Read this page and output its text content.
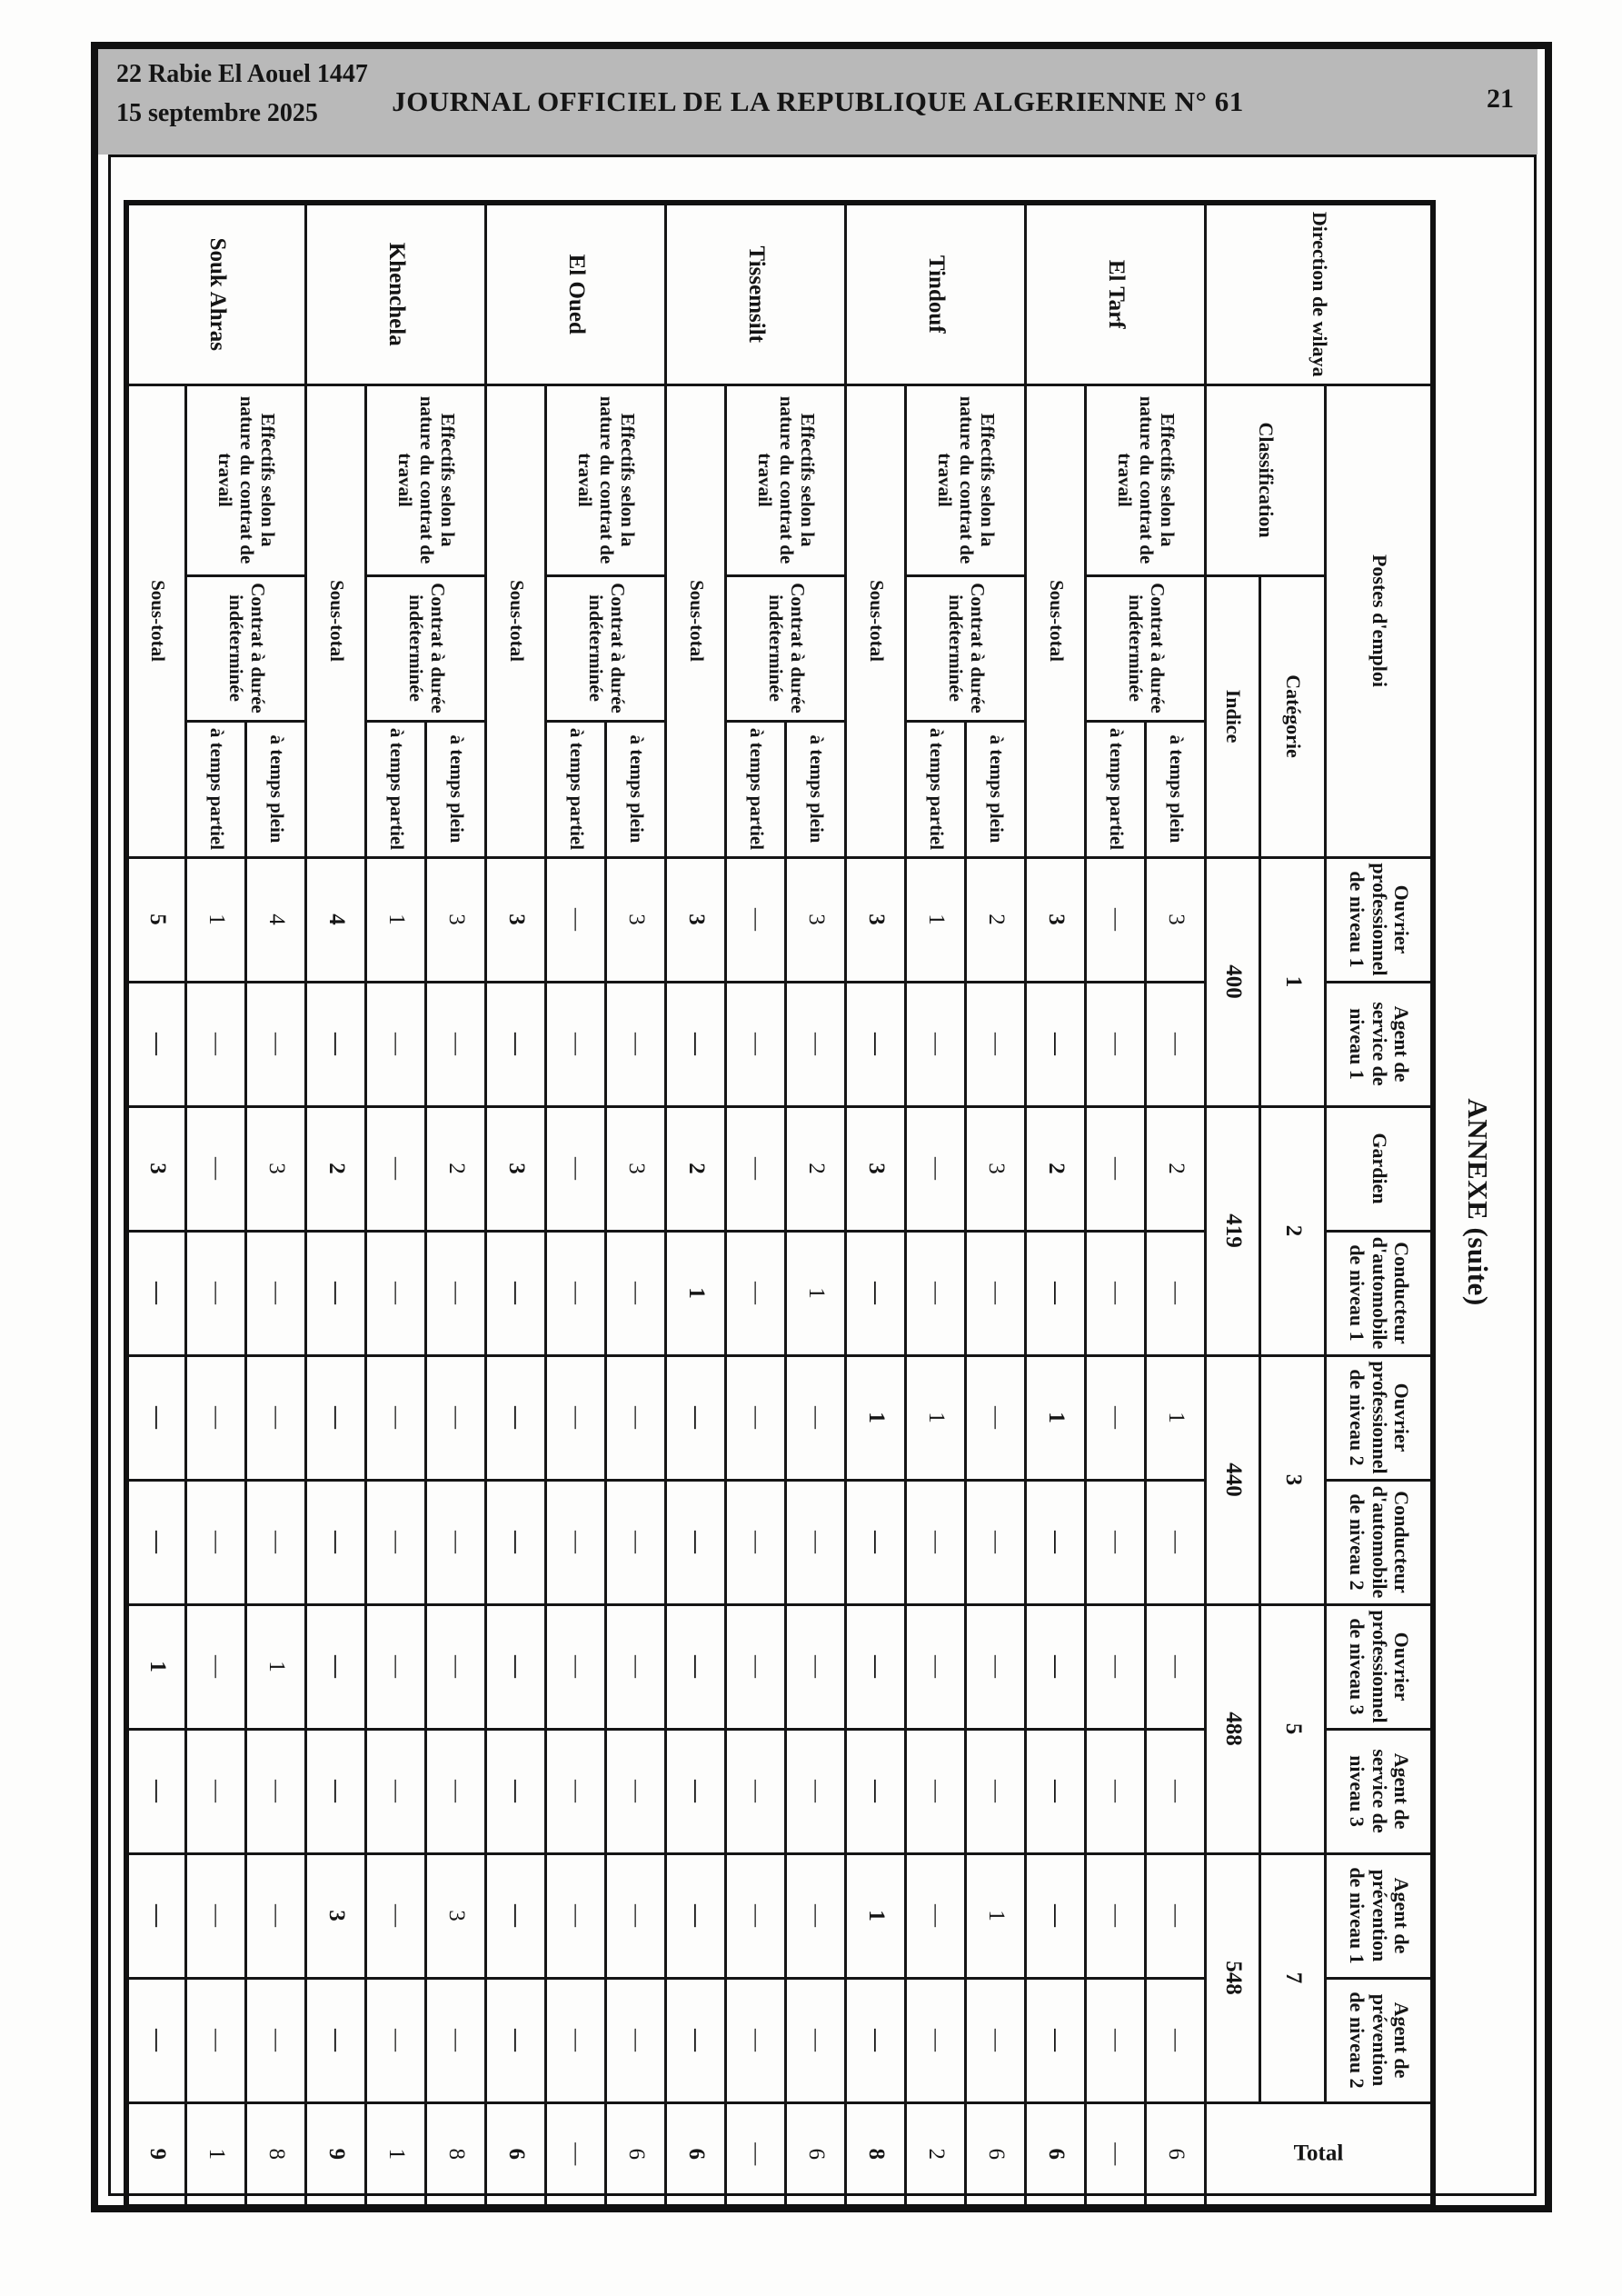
22 Rabie El Aouel 1447
15 septembre 2025	JOURNAL OFFICIEL DE LA REPUBLIQUE ALGERIENNE N° 61	21
ANNEXE (suite)
Direction de wilaya	Postes d'emploi			Ouvrier professionnel de niveau 1	Agent de service de niveau 1	Gardien	Conducteur d'automobile de niveau 1	Ouvrier professionnel de niveau 2	Conducteur d'automobile de niveau 2	Ouvrier professionnel de niveau 3	Agent de service de niveau 3	Agent de prévention de niveau 1	Agent de prévention de niveau 2	Total
	Classification	Catégorie		1		2		3		5		7		
		Indice		400		419		440		488		548		
El Tarf	Effectifs selon la nature du contrat de travail	Contrat à durée indéterminée	à temps plein	3	—	2	—	1	—	—	—	—	—	6
			à temps partiel	—	—	—	—	—	—	—	—	—	—	—
	Sous-total			3	—	2	—	1	—	—	—	—	—	6
Tindouf	Effectifs selon la nature du contrat de travail	Contrat à durée indéterminée	à temps plein	2	—	3	—	—	—	—	—	1	—	6
			à temps partiel	1	—	—	—	1	—	—	—	—	—	2
	Sous-total			3	—	3	—	1	—	—	—	1	—	8
Tissemsilt	Effectifs selon la nature du contrat de travail	Contrat à durée indéterminée	à temps plein	3	—	2	1	—	—	—	—	—	—	6
			à temps partiel	—	—	—	—	—	—	—	—	—	—	—
	Sous-total			3	—	2	1	—	—	—	—	—	—	6
El Oued	Effectifs selon la nature du contrat de travail	Contrat à durée indéterminée	à temps plein	3	—	3	—	—	—	—	—	—	—	6
			à temps partiel	—	—	—	—	—	—	—	—	—	—	—
	Sous-total			3	—	3	—	—	—	—	—	—	—	6
Khenchela	Effectifs selon la nature du contrat de travail	Contrat à durée indéterminée	à temps plein	3	—	2	—	—	—	—	—	3	—	8
			à temps partiel	1	—	—	—	—	—	—	—	—	—	1
	Sous-total			4	—	2	—	—	—	—	—	3	—	9
Souk Ahras	Effectifs selon la nature du contrat de travail	Contrat à durée indéterminée	à temps plein	4	—	3	—	—	—	1	—	—	—	8
			à temps partiel	1	—	—	—	—	—	—	—	—	—	1
	Sous-total			5	—	3	—	—	—	1	—	—	—	9
